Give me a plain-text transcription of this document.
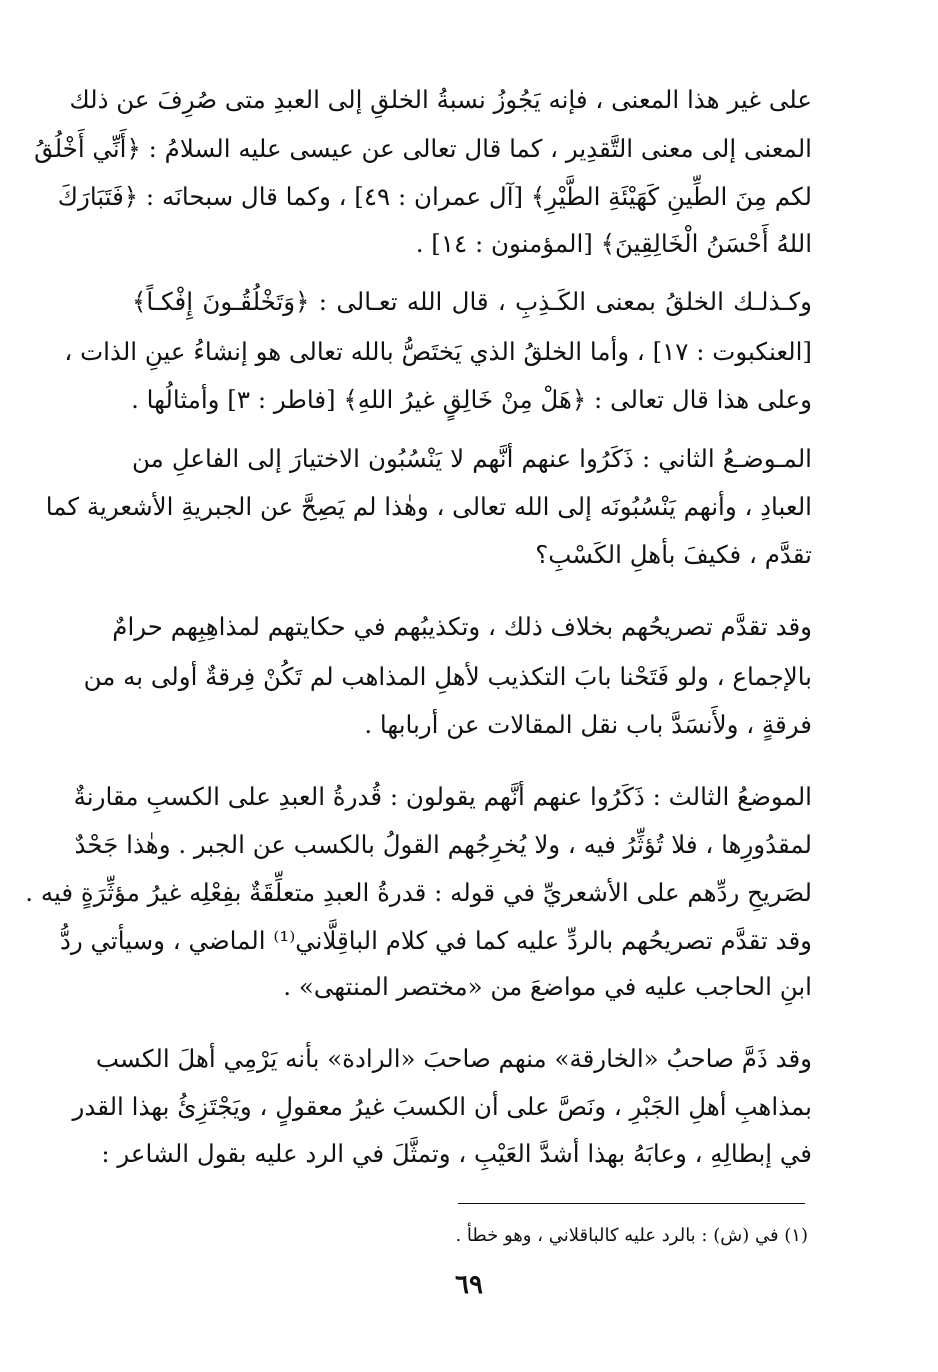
على غير هذا المعنى ، فإنه يَجُوزُ نسبةُ الخلقِ إلى العبدِ متى صُرِفَ عن ذلك
المعنى إلى معنى التَّقدِير ، كما قال تعالى عن عيسى عليه السلامُ : ﴿أَنِّي أَخْلُقُ
لكم مِنَ الطِّينِ كَهَيْئَةِ الطَّيْرِ﴾ [آل عمران : ٤٩] ، وكما قال سبحانَه : ﴿فَتَبَارَكَ
اللهُ أَحْسَنُ الْخَالِقِينَ﴾ [المؤمنون : ١٤] .
وكـذلـك الخلقُ بمعنى الكَـذِبِ ، قال الله تعـالى : ﴿وَتَخْلُقُـونَ إِفْكـاً﴾
[العنكبوت : ١٧] ، وأما الخلقُ الذي يَختَصُّ بالله تعالى هو إنشاءُ عينِ الذات ،
وعلى هذا قال تعالى : ﴿هَلْ مِنْ خَالِقٍ غيرُ اللهِ﴾ [فاطر : ٣] وأمثالُها .
المـوضـعُ الثاني : ذَكَرُوا عنهم أنَّهم لا يَنْسُبُون الاختيارَ إلى الفاعلِ من
العبادِ ، وأنهم يَنْسُبُونَه إلى الله تعالى ، وهٰذا لم يَصِحَّ عن الجبريةِ الأشعرية كما
تقدَّم ، فكيفَ بأهلِ الكَسْبِ؟
وقد تقدَّم تصريحُهم بخلاف ذلك ، وتكذيبُهم في حكايتهم لمذاهِبِهم حرامٌ
بالإجماع ، ولو فَتَحْنا بابَ التكذيب لأهلِ المذاهب لم تَكُنْ فِرقةٌ أولى به من
فرقةٍ ، ولأَنسَدَّ باب نقل المقالات عن أربابها .
الموضعُ الثالث : ذَكَرُوا عنهم أنَّهم يقولون : قُدرةُ العبدِ على الكسبِ مقارنةٌ
لمقدُورِها ، فلا تُؤثِّرُ فيه ، ولا يُخرِجُهم القولُ بالكسب عن الجبر . وهٰذا جَحْدٌ
لصَريحِ ردِّهم على الأشعريِّ في قوله : قدرةُ العبدِ متعلِّقَةٌ بفِعْلِه غيرُ مؤثِّرَةٍ فيه .
وقد تقدَّم تصريحُهم بالردِّ عليه كما في كلام الباقِلَّاني⁽¹⁾ الماضي ، وسيأتي ردُّ
ابنِ الحاجب عليه في مواضعَ من «مختصر المنتهى» .
وقد ذَمَّ صاحبُ «الخارقة» منهم صاحبَ «الرادة» بأنه يَرْمِي أهلَ الكسب
بمذاهبِ أهلِ الجَبْرِ ، ونَصَّ على أن الكسبَ غيرُ معقولٍ ، ويَجْتَزِئُ بهذا القدر
في إبطالِهِ ، وعابَهُ بهذا أشدَّ العَيْبِ ، وتمثَّلَ في الرد عليه بقول الشاعر :
(١) في (ش) : بالرد عليه كالباقلاني ، وهو خطأ .
٦٩
